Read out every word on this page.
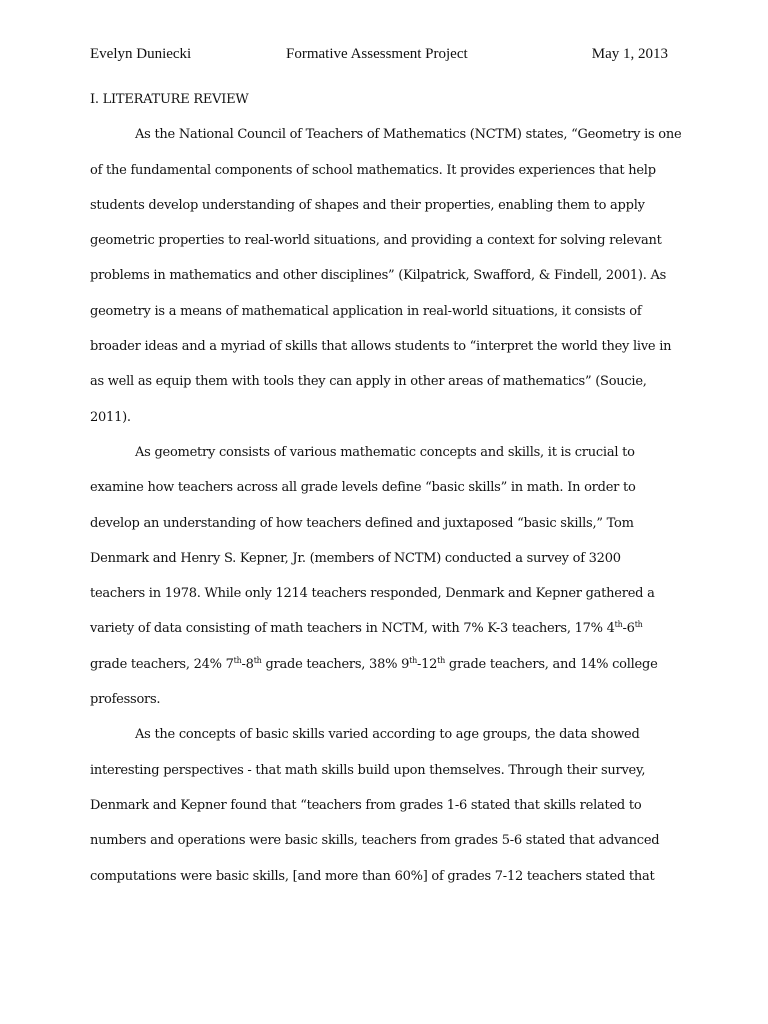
Evelyn Duniecki	Formative Assessment Project	May 1, 2013
I. LITERATURE REVIEW
As the National Council of Teachers of Mathematics (NCTM) states, “Geometry is one
of the fundamental components of school mathematics. It provides experiences that help
students develop understanding of shapes and their properties, enabling them to apply
geometric properties to real-world situations, and providing a context for solving relevant
problems in mathematics and other disciplines” (Kilpatrick, Swafford, & Findell, 2001). As
geometry is a means of mathematical application in real-world situations, it consists of
broader ideas and a myriad of skills that allows students to “interpret the world they live in
as well as equip them with tools they can apply in other areas of mathematics” (Soucie,
2011).
As geometry consists of various mathematic concepts and skills, it is crucial to
examine how teachers across all grade levels define “basic skills” in math. In order to
develop an understanding of how teachers defined and juxtaposed “basic skills,” Tom
Denmark and Henry S. Kepner, Jr. (members of NCTM) conducted a survey of 3200
teachers in 1978. While only 1214 teachers responded, Denmark and Kepner gathered a
variety of data consisting of math teachers in NCTM, with 7% K-3 teachers, 17% 4th-6th
grade teachers, 24% 7th-8th grade teachers, 38% 9th-12th grade teachers, and 14% college
professors.
As the concepts of basic skills varied according to age groups, the data showed
interesting perspectives - that math skills build upon themselves. Through their survey,
Denmark and Kepner found that “teachers from grades 1-6 stated that skills related to
numbers and operations were basic skills, teachers from grades 5-6 stated that advanced
computations were basic skills, [and more than 60%] of grades 7-12 teachers stated that
